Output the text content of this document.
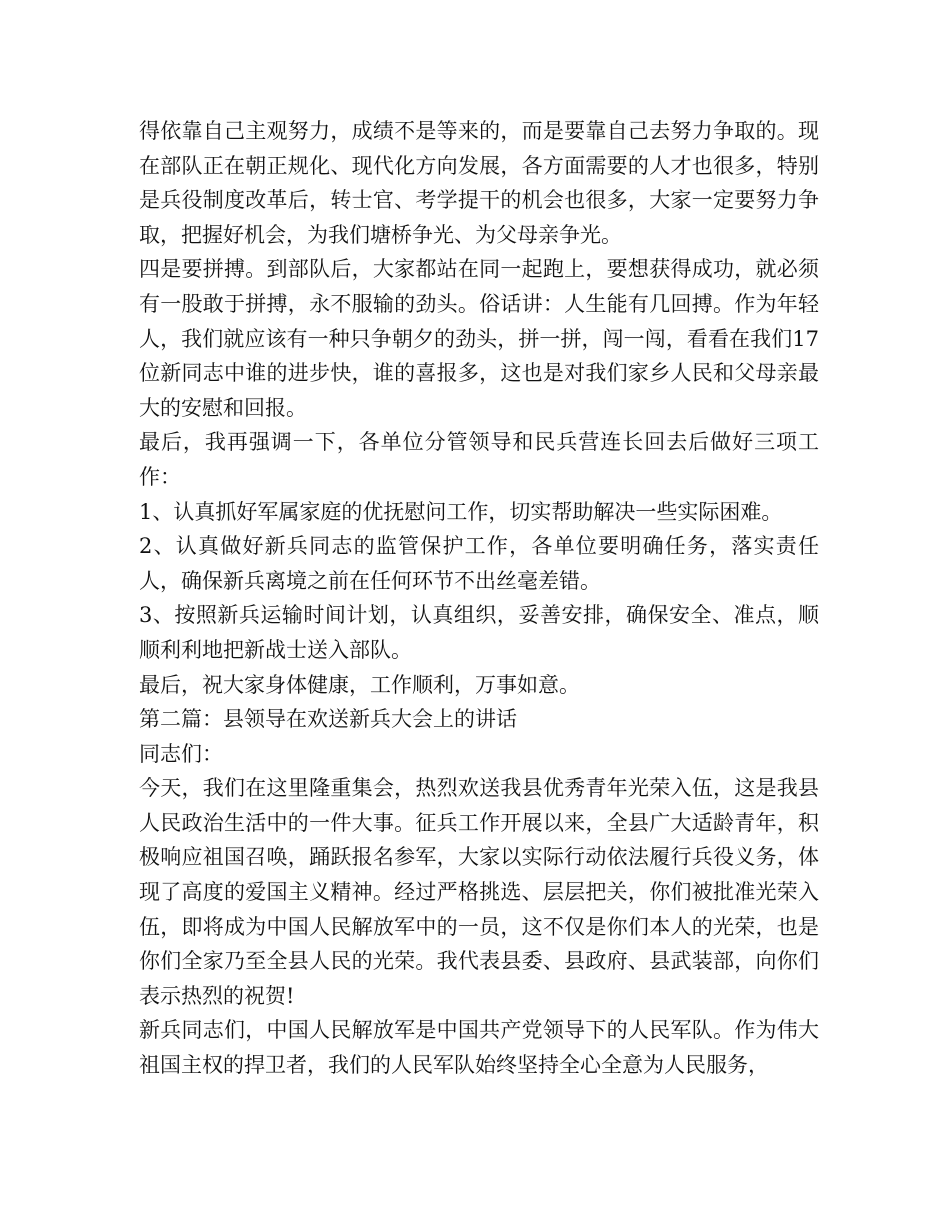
得依靠自己主观努力，成绩不是等来的，而是要靠自己去努力争取的。现在部队正在朝正规化、现代化方向发展，各方面需要的人才也很多，特别是兵役制度改革后，转士官、考学提干的机会也很多，大家一定要努力争取，把握好机会，为我们塘桥争光、为父母亲争光。

四是要拼搏。到部队后，大家都站在同一起跑上，要想获得成功，就必须有一股敢于拼搏，永不服输的劲头。俗话讲：人生能有几回搏。作为年轻人，我们就应该有一种只争朝夕的劲头，拼一拼，闯一闯，看看在我们17位新同志中谁的进步快，谁的喜报多，这也是对我们家乡人民和父母亲最大的安慰和回报。

最后，我再强调一下，各单位分管领导和民兵营连长回去后做好三项工作：

1、认真抓好军属家庭的优抚慰问工作，切实帮助解决一些实际困难。

2、认真做好新兵同志的监管保护工作，各单位要明确任务，落实责任人，确保新兵离境之前在任何环节不出丝毫差错。

3、按照新兵运输时间计划，认真组织，妥善安排，确保安全、准点，顺顺利利地把新战士送入部队。

最后，祝大家身体健康，工作顺利，万事如意。

第二篇：县领导在欢送新兵大会上的讲话

同志们：

今天，我们在这里隆重集会，热烈欢送我县优秀青年光荣入伍，这是我县人民政治生活中的一件大事。征兵工作开展以来，全县广大适龄青年，积极响应祖国召唤，踊跃报名参军，大家以实际行动依法履行兵役义务，体现了高度的爱国主义精神。经过严格挑选、层层把关，你们被批准光荣入伍，即将成为中国人民解放军中的一员，这不仅是你们本人的光荣，也是你们全家乃至全县人民的光荣。我代表县委、县政府、县武装部，向你们表示热烈的祝贺!

新兵同志们，中国人民解放军是中国共产党领导下的人民军队。作为伟大祖国主权的捍卫者，我们的人民军队始终坚持全心全意为人民服务，
